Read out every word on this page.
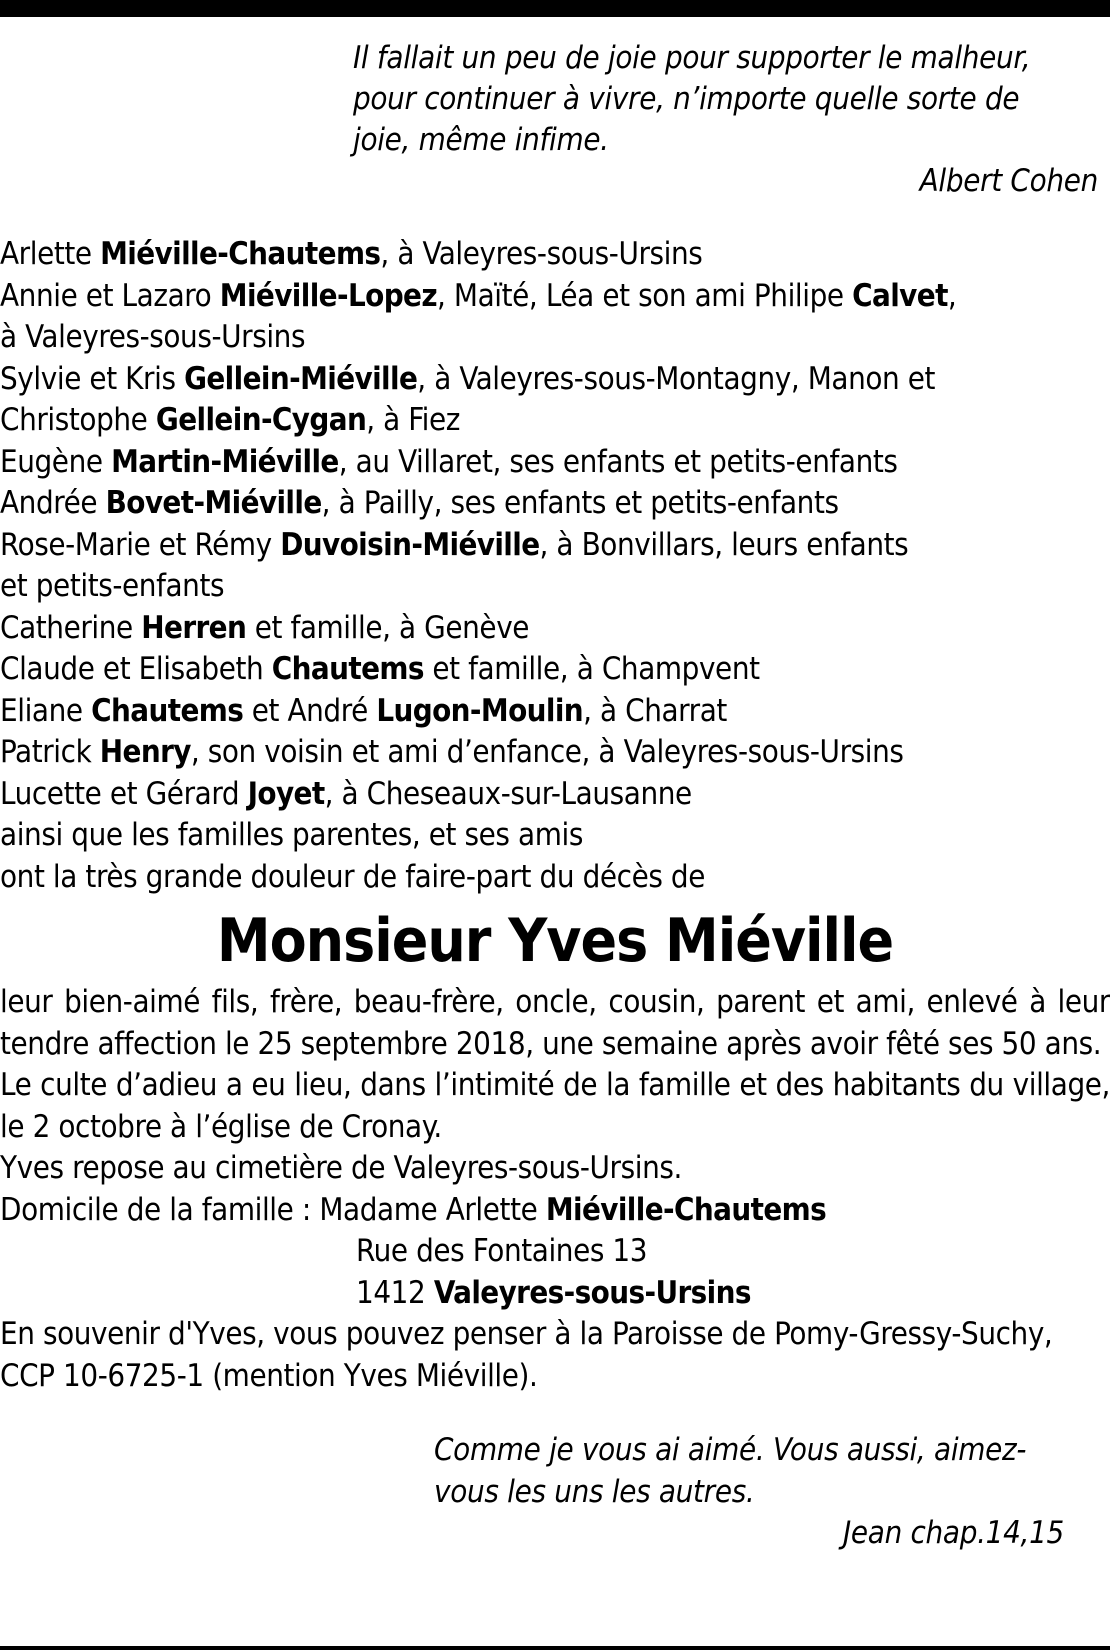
Il fallait un peu de joie pour supporter le malheur,
pour continuer à vivre, n’importe quelle sorte de
joie, même infime.
Albert Cohen
Arlette Miéville-Chautems, à Valeyres-sous-Ursins
Annie et Lazaro Miéville-Lopez, Maïté, Léa et son ami Philipe Calvet,
à Valeyres-sous-Ursins
Sylvie et Kris Gellein-Miéville, à Valeyres-sous-Montagny, Manon et
Christophe Gellein-Cygan, à Fiez
Eugène Martin-Miéville, au Villaret, ses enfants et petits-enfants
Andrée Bovet-Miéville, à Pailly, ses enfants et petits-enfants
Rose-Marie et Rémy Duvoisin-Miéville, à Bonvillars, leurs enfants
et petits-enfants
Catherine Herren et famille, à Genève
Claude et Elisabeth Chautems et famille, à Champvent
Eliane Chautems et André Lugon-Moulin, à Charrat
Patrick Henry, son voisin et ami d’enfance, à Valeyres-sous-Ursins
Lucette et Gérard Joyet, à Cheseaux-sur-Lausanne
ainsi que les familles parentes, et ses amis
ont la très grande douleur de faire-part du décès de
Monsieur Yves Miéville
leur bien-aimé fils, frère, beau-frère, oncle, cousin, parent et ami, enlevé à leur tendre affection le 25 septembre 2018, une semaine après avoir fêté ses 50 ans.
Le culte d’adieu a eu lieu, dans l’intimité de la famille et des habitants du village, le 2 octobre à l’église de Cronay.
Yves repose au cimetière de Valeyres-sous-Ursins.
Domicile de la famille : Madame Arlette Miéville-Chautems
Rue des Fontaines 13
1412 Valeyres-sous-Ursins
En souvenir d'Yves, vous pouvez penser à la Paroisse de Pomy-Gressy-Suchy,
CCP 10-6725-1 (mention Yves Miéville).
Comme je vous ai aimé. Vous aussi, aimez-
vous les uns les autres.
Jean chap.14,15
